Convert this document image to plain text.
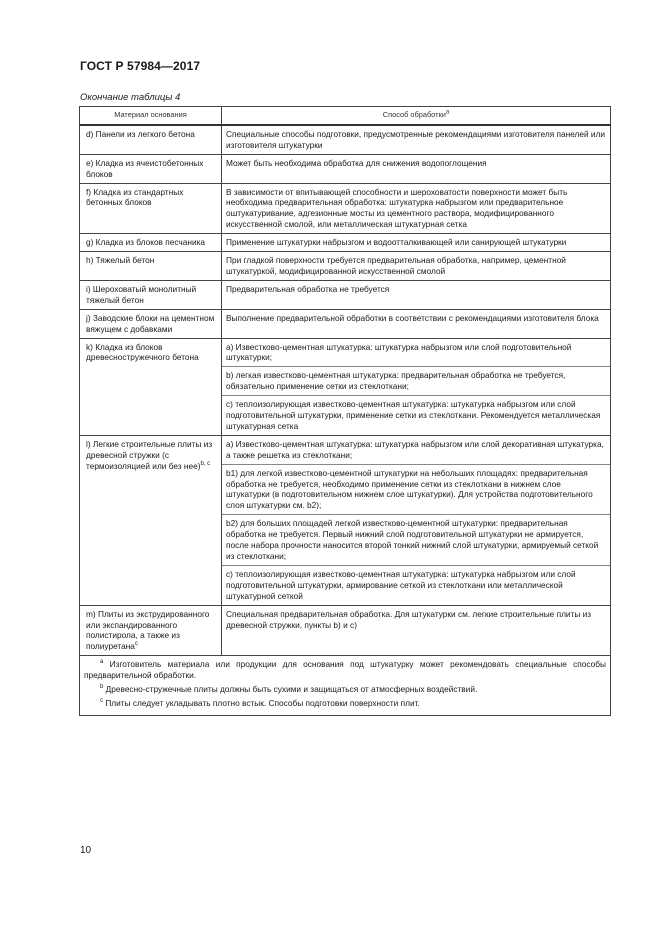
ГОСТ Р 57984—2017
Окончание таблицы 4
Материал основания	Способ обработки$^a$
d) Панели из легкого бетона	Специальные способы подготовки, предусмотренные рекомендациями изготовителя панелей или изготовителя штукатурки
e) Кладка из ячеистобетонных блоков	Может быть необходима обработка для снижения водопоглощения
f) Кладка из стандартных бетонных блоков	В зависимости от впитывающей способности и шероховатости поверхности может быть необходима предварительная обработка: штукатурка набрызгом или предварительное оштукатуривание, адгезионные мосты из цементного раствора, модифицированного искусственной смолой, или металлическая штукатурная сетка
g) Кладка из блоков песчаника	Применение штукатурки набрызгом и водоотталкивающей или санирующей штукатурки
h) Тяжелый бетон	При гладкой поверхности требуется предварительная обработка, например, цементной штукатуркой, модифицированной искусственной смолой
i) Шероховатый монолитный тяжелый бетон	Предварительная обработка не требуется
j) Заводские блоки на цементном вяжущем с добавками	Выполнение предварительной обработки в соответствии с рекомендациями изготовителя блока
k) Кладка из блоков древесностружечного бетона	a) Известково-цементная штукатурка: штукатурка набрызгом или слой подготовительной штукатурки;
b) легкая известково-цементная штукатурка: предварительная обработка не требуется, обязательно применение сетки из стеклоткани;
c) теплоизолирующая известково-цементная штукатурка: штукатурка набрызгом или слой подготовительной штукатурки, применение сетки из стеклоткани. Рекомендуется металлическая штукатурная сетка

l) Легкие строительные плиты из древесной стружки (с термоизоляцией или без нее)$^{b, c}$	a) Известково-цементная штукатурка: штукатурка набрызгом или слой декоративная штукатурка, а также решетка из стеклоткани;
b1) для легкой известково-цементной штукатурки на небольших площадях: предварительная обработка не требуется, необходимо применение сетки из стеклоткани в нижнем слое штукатурки (в подготовительном нижнем слое штукатурки). Для устройства подготовительного слоя штукатурки см. b2);
b2) для больших площадей легкой известково-цементной штукатурки: предварительная обработка не требуется. Первый нижний слой подготовительной штукатурки не армируется, после набора прочности наносится второй тонкий нижний слой штукатурки, армируемый сеткой из стеклоткани;
c) теплоизолирующая известково-цементная штукатурка: штукатурка набрызгом или слой подготовительной штукатурки, армирование сеткой из стеклоткани или металлической штукатурной сеткой

m) Плиты из экструдированного или экспандированного полистирола, а также из полиуретана$^c$	Специальная предварительная обработка. Для штукатурки см. легкие строительные плиты из древесной стружки, пункты b) и c)

$^a$ Изготовитель материала или продукции для основания под штукатурку может рекомендовать специальные способы предварительной обработки.
$^b$ Древесно-стружечные плиты должны быть сухими и защищаться от атмосферных воздействий.
$^c$ Плиты следует укладывать плотно встык. Способы подготовки поверхности плит.	
10
